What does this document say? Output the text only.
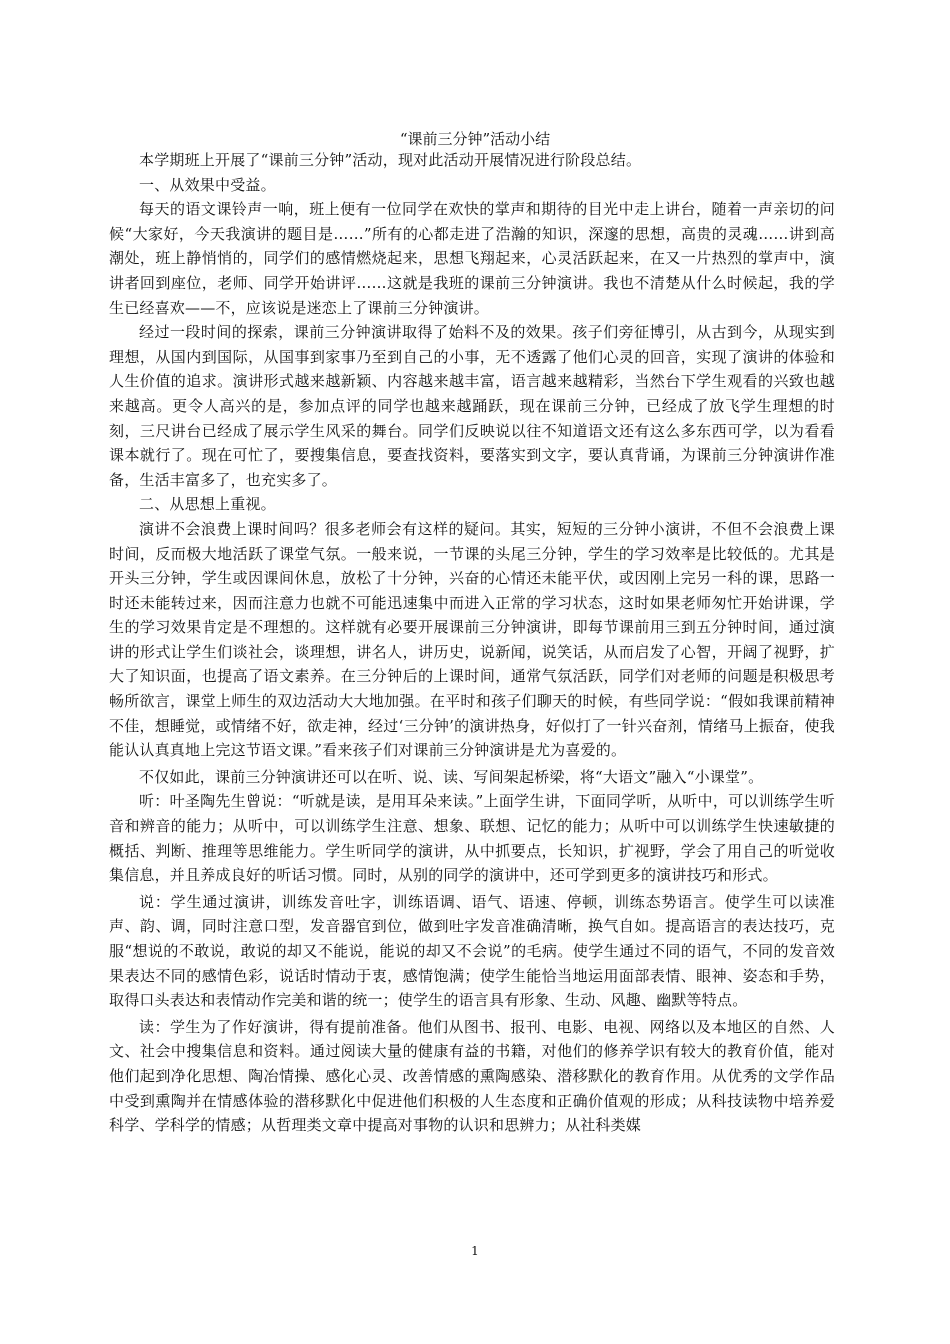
“课前三分钟”活动小结

本学期班上开展了“课前三分钟”活动，现对此活动开展情况进行阶段总结。

一、从效果中受益。

每天的语文课铃声一响，班上便有一位同学在欢快的掌声和期待的目光中走上讲台，随着一声亲切的问候“大家好，今天我演讲的题目是……”所有的心都走进了浩瀚的知识，深邃的思想，高贵的灵魂……讲到高潮处，班上静悄悄的，同学们的感情燃烧起来，思想飞翔起来，心灵活跃起来，在又一片热烈的掌声中，演讲者回到座位，老师、同学开始讲评……这就是我班的课前三分钟演讲。我也不清楚从什么时候起，我的学生已经喜欢——不，应该说是迷恋上了课前三分钟演讲。

经过一段时间的探索，课前三分钟演讲取得了始料不及的效果。孩子们旁征博引，从古到今，从现实到理想，从国内到国际，从国事到家事乃至到自己的小事，无不透露了他们心灵的回音，实现了演讲的体验和人生价值的追求。演讲形式越来越新颖、内容越来越丰富，语言越来越精彩，当然台下学生观看的兴致也越来越高。更令人高兴的是，参加点评的同学也越来越踊跃，现在课前三分钟，已经成了放飞学生理想的时刻，三尺讲台已经成了展示学生风采的舞台。同学们反映说以往不知道语文还有这么多东西可学，以为看看课本就行了。现在可忙了，要搜集信息，要查找资料，要落实到文字，要认真背诵，为课前三分钟演讲作准备，生活丰富多了，也充实多了。

二、从思想上重视。

演讲不会浪费上课时间吗？很多老师会有这样的疑问。其实，短短的三分钟小演讲，不但不会浪费上课时间，反而极大地活跃了课堂气氛。一般来说，一节课的头尾三分钟，学生的学习效率是比较低的。尤其是开头三分钟，学生或因课间休息，放松了十分钟，兴奋的心情还未能平伏，或因刚上完另一科的课，思路一时还未能转过来，因而注意力也就不可能迅速集中而进入正常的学习状态，这时如果老师匆忙开始讲课，学生的学习效果肯定是不理想的。这样就有必要开展课前三分钟演讲，即每节课前用三到五分钟时间，通过演讲的形式让学生们谈社会，谈理想，讲名人，讲历史，说新闻，说笑话，从而启发了心智，开阔了视野，扩大了知识面，也提高了语文素养。在三分钟后的上课时间，通常气氛活跃，同学们对老师的问题是积极思考畅所欲言，课堂上师生的双边活动大大地加强。在平时和孩子们聊天的时候，有些同学说：“假如我课前精神不佳，想睡觉，或情绪不好，欲走神，经过‘三分钟’的演讲热身，好似打了一针兴奋剂，情绪马上振奋，使我能认认真真地上完这节语文课。”看来孩子们对课前三分钟演讲是尤为喜爱的。

不仅如此，课前三分钟演讲还可以在听、说、读、写间架起桥梁，将“大语文”融入“小课堂”。

听：叶圣陶先生曾说：“听就是读，是用耳朵来读。”上面学生讲，下面同学听，从听中，可以训练学生听音和辨音的能力；从听中，可以训练学生注意、想象、联想、记忆的能力；从听中可以训练学生快速敏捷的概括、判断、推理等思维能力。学生听同学的演讲，从中抓要点，长知识，扩视野，学会了用自己的听觉收集信息，并且养成良好的听话习惯。同时，从别的同学的演讲中，还可学到更多的演讲技巧和形式。

说：学生通过演讲，训练发音吐字，训练语调、语气、语速、停顿，训练态势语言。使学生可以读准声、韵、调，同时注意口型，发音器官到位，做到吐字发音准确清晰，换气自如。提高语言的表达技巧，克服“想说的不敢说，敢说的却又不能说，能说的却又不会说”的毛病。使学生通过不同的语气，不同的发音效果表达不同的感情色彩，说话时情动于衷，感情饱满；使学生能恰当地运用面部表情、眼神、姿态和手势，取得口头表达和表情动作完美和谐的统一；使学生的语言具有形象、生动、风趣、幽默等特点。

读：学生为了作好演讲，得有提前准备。他们从图书、报刊、电影、电视、网络以及本地区的自然、人文、社会中搜集信息和资料。通过阅读大量的健康有益的书籍，对他们的修养学识有较大的教育价值，能对他们起到净化思想、陶冶情操、感化心灵、改善情感的熏陶感染、潜移默化的教育作用。从优秀的文学作品中受到熏陶并在情感体验的潜移默化中促进他们积极的人生态度和正确价值观的形成；从科技读物中培养爱科学、学科学的情感；从哲理类文章中提高对事物的认识和思辨力；从社科类媒

1
